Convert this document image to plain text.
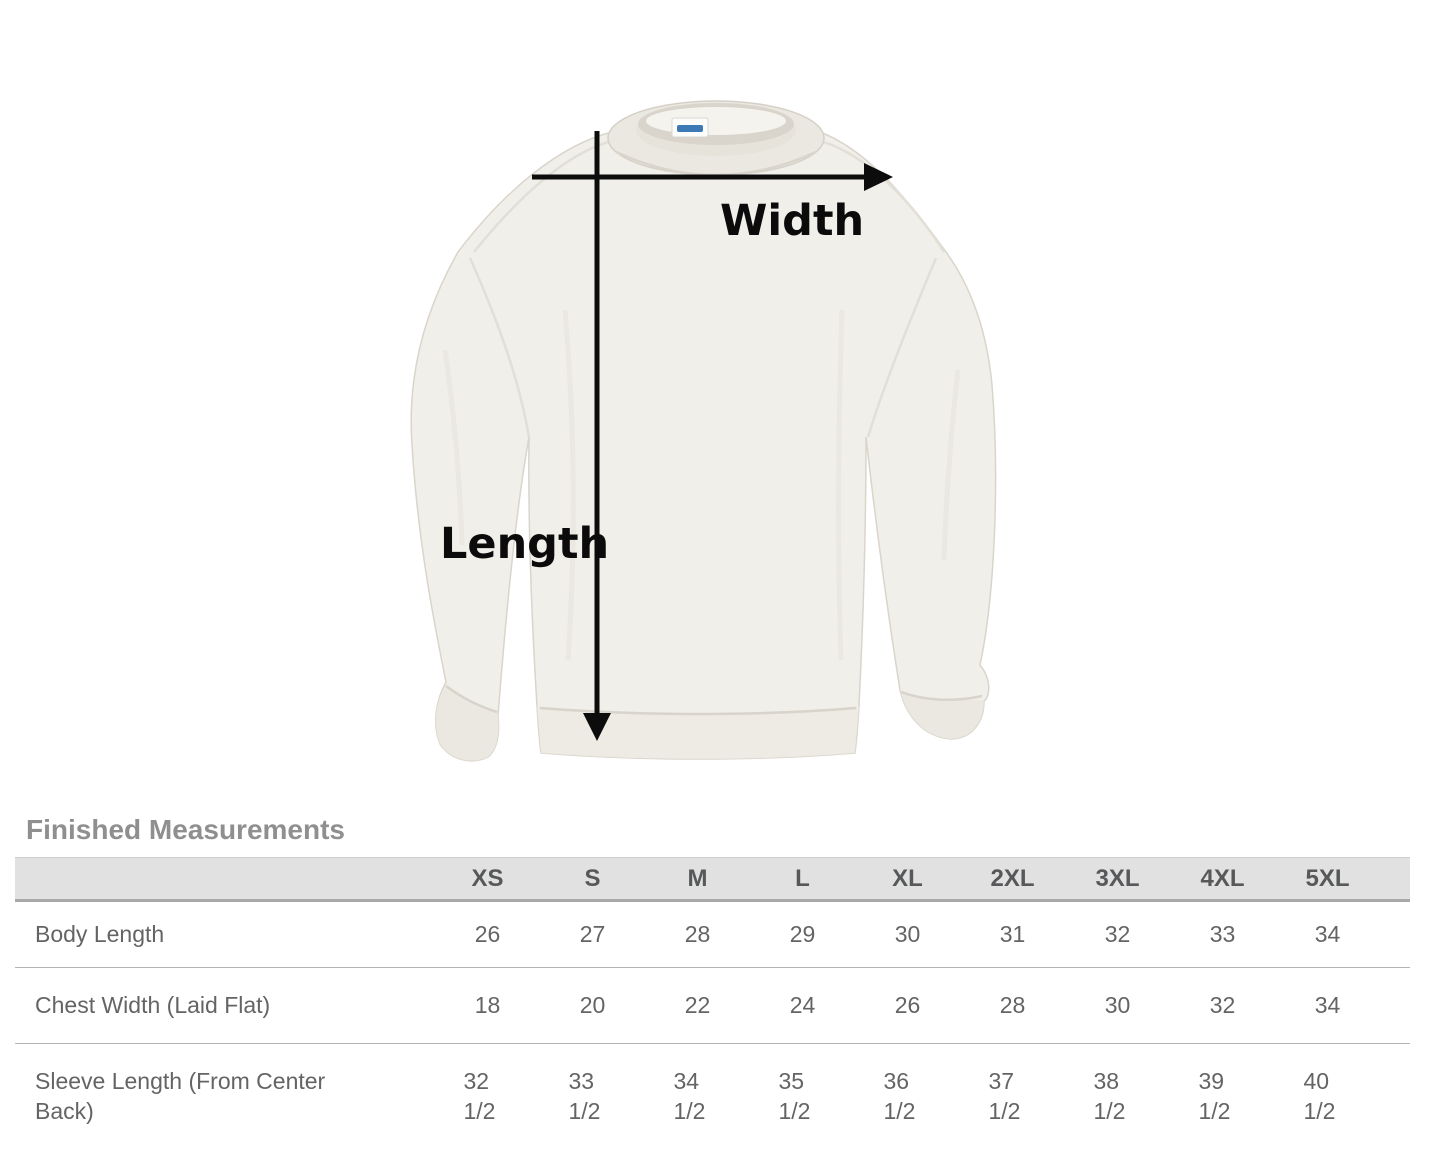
Width
Length
Finished Measurements
	XS	S	M	L	XL	2XL	3XL	4XL	5XL	
Body Length	26	27	28	29	30	31	32	33	34	
Chest Width (Laid Flat)	18	20	22	24	26	28	30	32	34	
Sleeve Length (From Center Back)	32 1/2	33 1/2	34 1/2	35 1/2	36 1/2	37 1/2	38 1/2	39 1/2	40 1/2	
